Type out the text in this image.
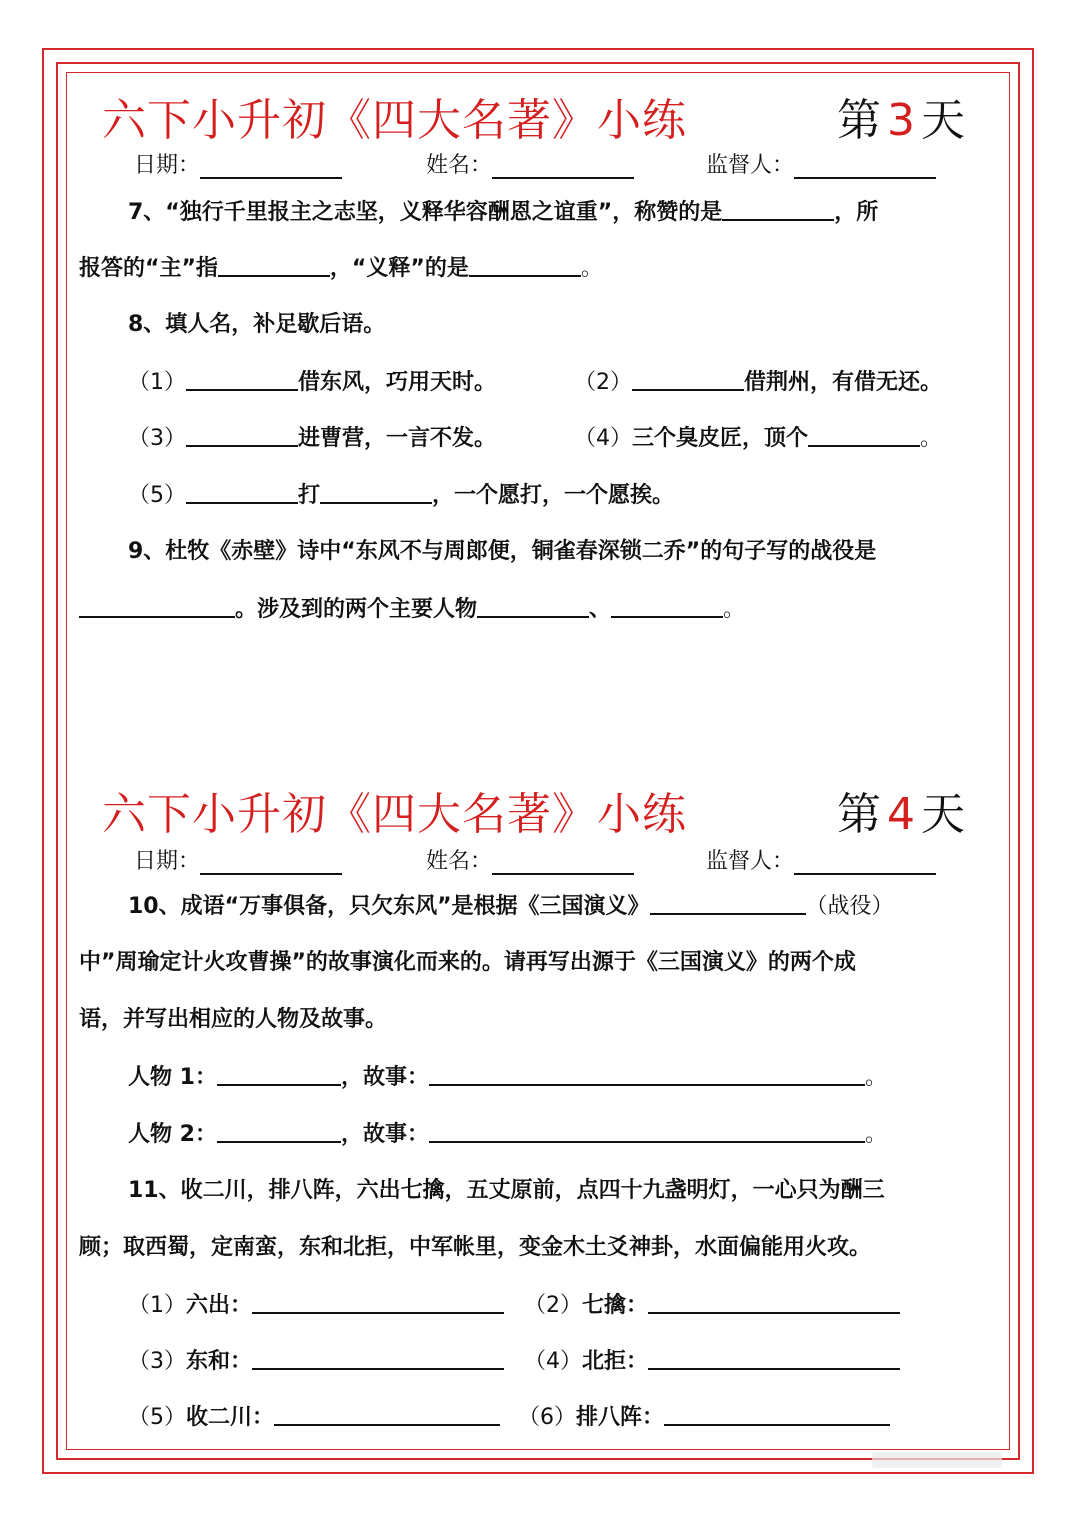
六下小升初《四大名著》小练	第 3 天
日期：	姓名：	监督人：
7、“独行千里报主之志坚，义释华容酬恩之谊重”，称赞的是	，所
报答的“主”指	，“义释”的是	。
8、填人名，补足歇后语。
（1）	借东风，巧用天时。	（2）	借荆州，有借无还。
（3）	进曹营，一言不发。	（4）三个臭皮匠，顶个	。
（5）	打	，一个愿打，一个愿挨。
9、杜牧《赤壁》诗中“东风不与周郎便，铜雀春深锁二乔”的句子写的战役是
。涉及到的两个主要人物	、	。
六下小升初《四大名著》小练	第 4 天
日期：	姓名：	监督人：
10、成语“万事俱备，只欠东风”是根据《三国演义》	（战役）
中”周瑜定计火攻曹操”的故事演化而来的。请再写出源于《三国演义》的两个成
语，并写出相应的人物及故事。
人物 1：	，故事：	。
人物 2：	，故事：	。
11、收二川，排八阵，六出七擒，五丈原前，点四十九盏明灯，一心只为酬三
顾；取西蜀，定南蛮，东和北拒，中军帐里，变金木土爻神卦，水面偏能用火攻。
（1）六出：	（2）七擒：
（3）东和：	（4）北拒：
（5）收二川：	（6）排八阵：
